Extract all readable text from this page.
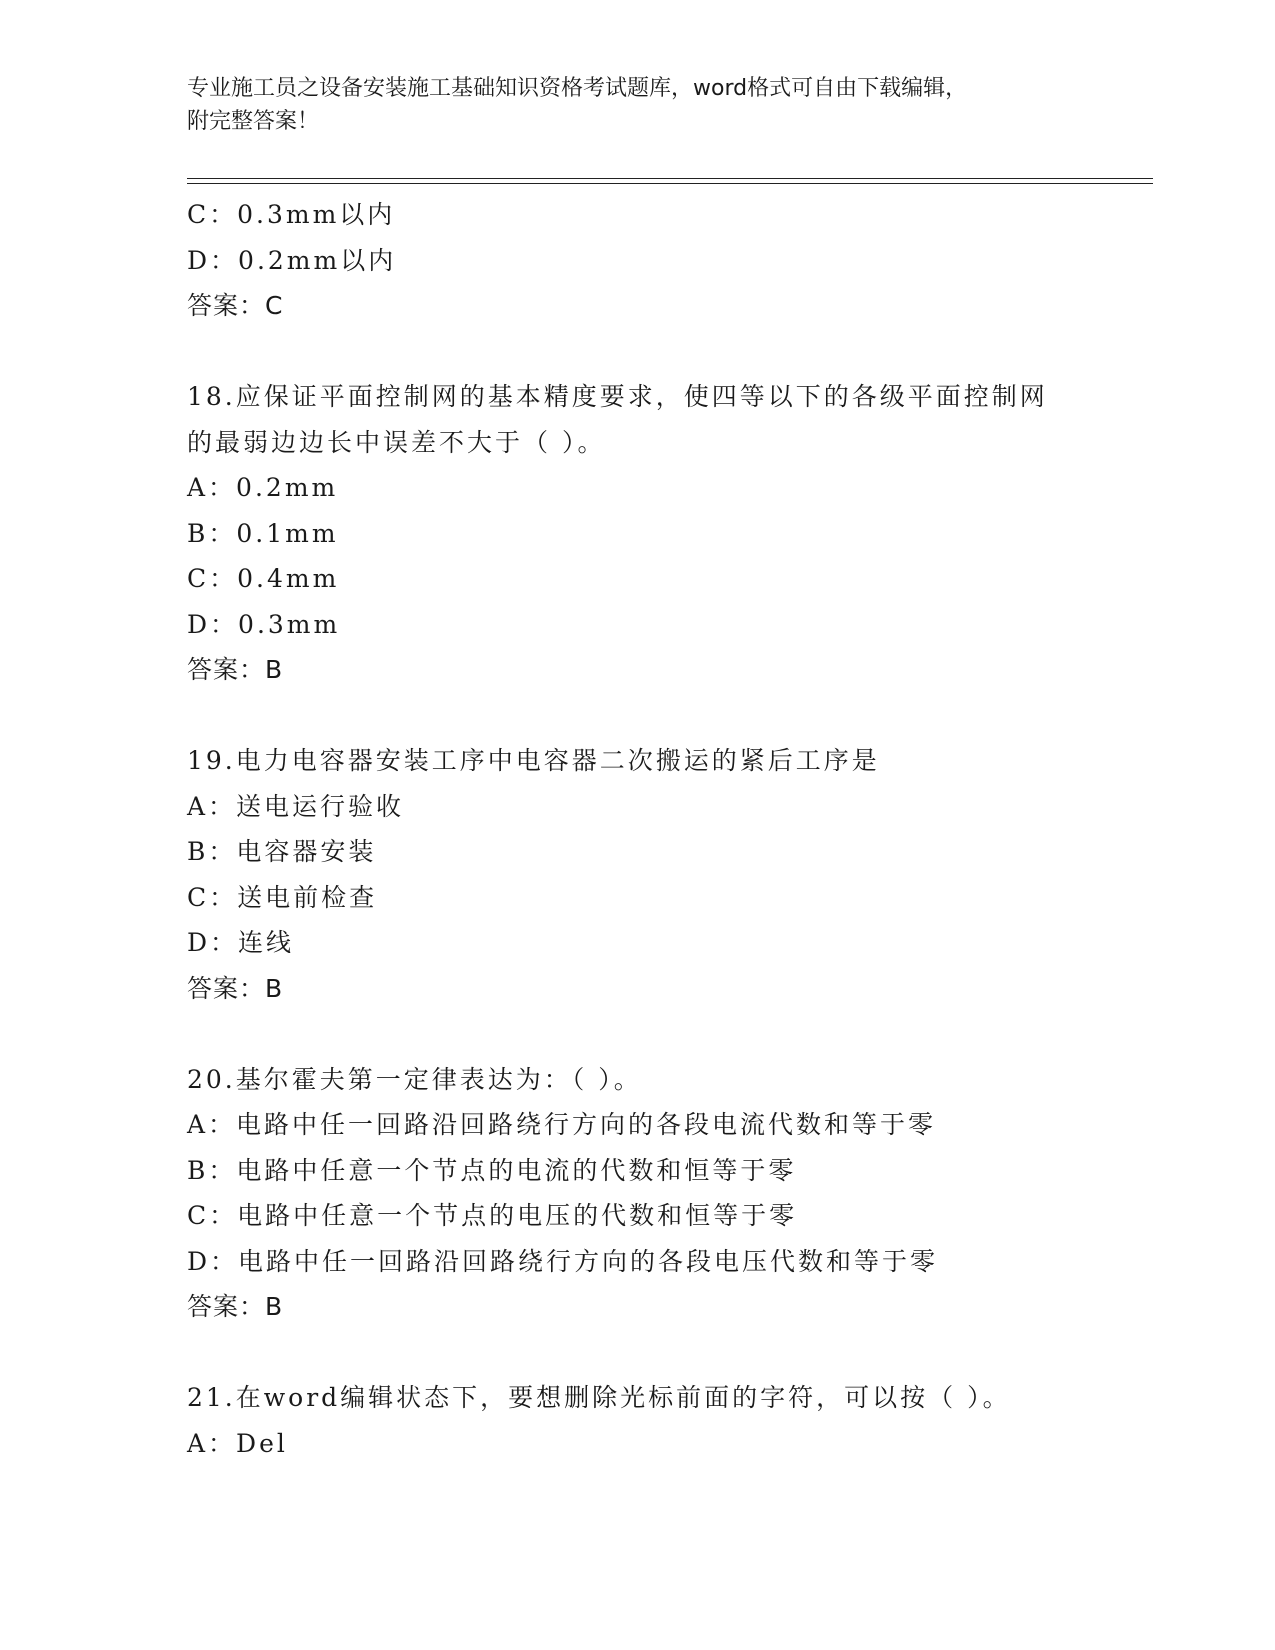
专业施工员之设备安装施工基础知识资格考试题库，word格式可自由下载编辑，
附完整答案！
C：0.3mm以内
D：0.2mm以内
答案：C
18.应保证平面控制网的基本精度要求，使四等以下的各级平面控制网
的最弱边边长中误差不大于（ ）。
A：0.2mm
B：0.1mm
C：0.4mm
D：0.3mm
答案：B
19.电力电容器安装工序中电容器二次搬运的紧后工序是
A：送电运行验收
B：电容器安装
C：送电前检查
D：连线
答案：B
20.基尔霍夫第一定律表达为：（ ）。
A：电路中任一回路沿回路绕行方向的各段电流代数和等于零
B：电路中任意一个节点的电流的代数和恒等于零
C：电路中任意一个节点的电压的代数和恒等于零
D：电路中任一回路沿回路绕行方向的各段电压代数和等于零
答案：B
21.在word编辑状态下，要想删除光标前面的字符，可以按（ ）。
A：Del
